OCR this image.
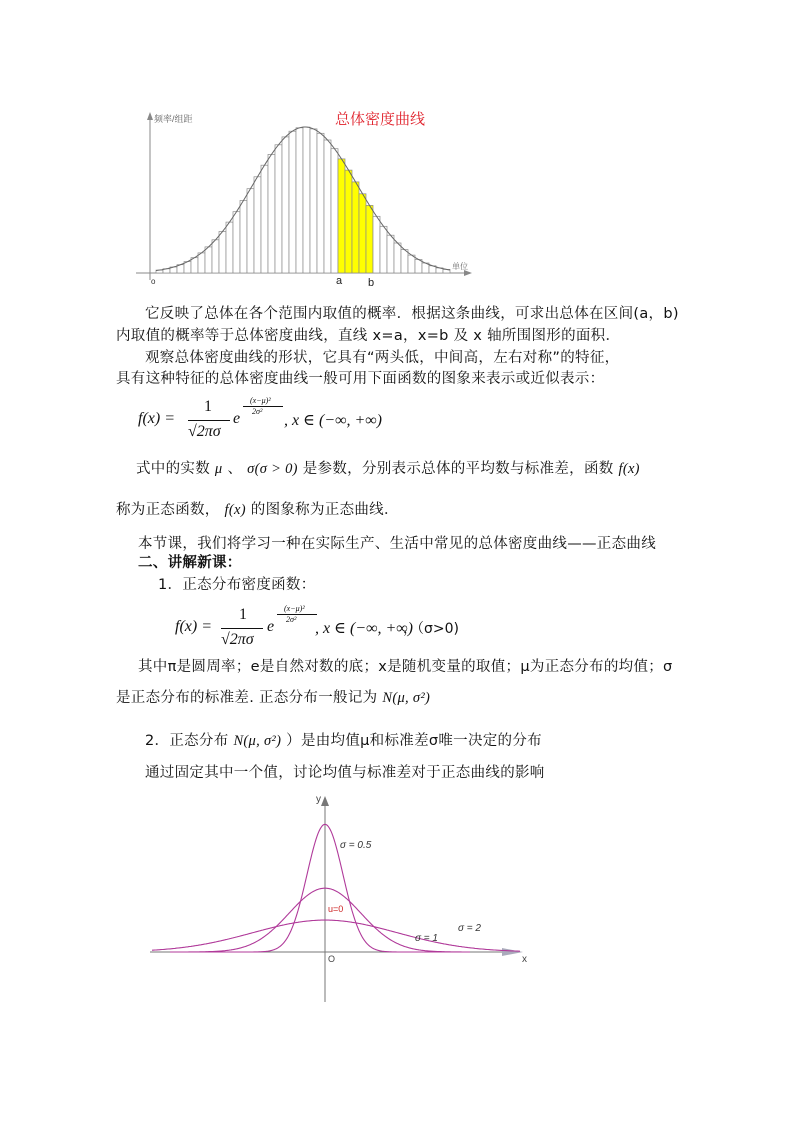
总体密度曲线
频率/组距
单位
o	a b
它反映了总体在各个范围内取值的概率．根据这条曲线，可求出总体在区间(a，b)
内取值的概率等于总体密度曲线，直线 x=a，x=b 及 x 轴所围图形的面积．
观察总体密度曲线的形状，它具有“两头低，中间高，左右对称”的特征，
具有这种特征的总体密度曲线一般可用下面函数的图象来表示或近似表示：
f(x) =
1
√2πσ
e
(x−μ)²
2σ²
, x ∈ (−∞, +∞)
式中的实数 μ 、 σ(σ > 0) 是参数，分别表示总体的平均数与标准差，函数 f(x)
称为正态函数， f(x) 的图象称为正态曲线．
本节课，我们将学习一种在实际生产、生活中常见的总体密度曲线——正态曲线
二、讲解新课：
1．正态分布密度函数：
f(x) =
1
√2πσ
e
(x−μ)²
2σ²
, x ∈ (−∞, +∞)
，（σ>0)
其中π是圆周率；e是自然对数的底；x是随机变量的取值；μ为正态分布的均值；σ
是正态分布的标准差. 正态分布一般记为 N(μ, σ²)
2．正态分布 N(μ, σ²) ）是由均值μ和标准差σ唯一决定的分布
通过固定其中一个值，讨论均值与标准差对于正态曲线的影响
y
x
O
u=0
σ = 0.5
σ = 1
σ = 2
